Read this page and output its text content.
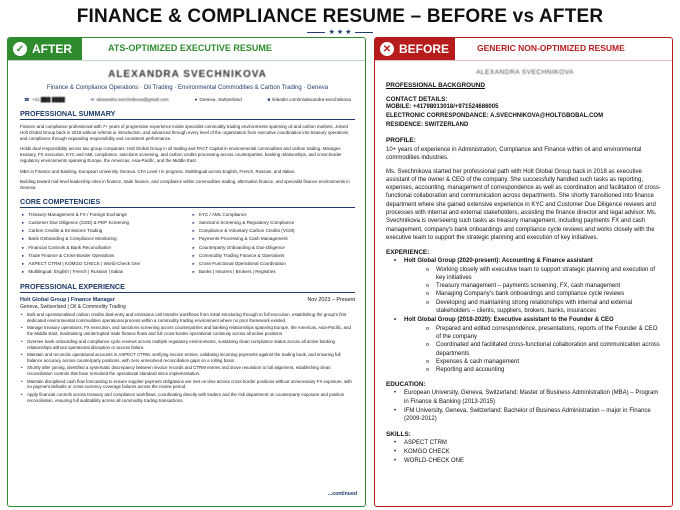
FINANCE & COMPLIANCE RESUME – BEFORE vs AFTER
★ ★ ★
✓ AFTER	ATS-OPTIMIZED EXECUTIVE RESUME
ALEXANDRA SVECHNIKOVA
Finance & Compliance Operations · Oil Trading · Environmental Commodities & Carbon Trading · Geneva
☎ +41 ███ ████	✉ alexandra.svechnikova@gmail.com	● Geneva, Switzerland	■ linkedin.com/in/alexandra-svechnikova
PROFESSIONAL SUMMARY
Finance and compliance professional with 7+ years of progressive experience inside specialist commodity trading environments spanning oil and carbon markets. Joined Holt Global Group back in 2018 without referral or introduction, and advanced through every level of the organisation from executive coordination into treasury operations and compliance through expanding responsibility and consistent performance.
Holds dual responsibility across two group companies: Holt Global Group in oil trading and PACT Capital in environmental commodities and carbon trading. Manages treasury, FX execution, KYC and AML compliance, sanctions screening, and carbon credits processing across counterparties, banking relationships, and cross-border regulatory environments spanning Europe, the Americas, Asia-Pacific, and the Middle East.
MBA in Finance and Banking, European University Geneva. CFA Level I in progress. Multilingual across English, French, Russian, and Italian.
Building toward mid-level leadership roles in finance, trade finance, and compliance within commodities trading, alternative finance, and specialist finance environments in Geneva.
CORE COMPETENCIES
▸ Treasury Management & FX / Foreign Exchange	▸ KYC / AML Compliance
▸ Customer Due Diligence (CDD) & PEP Screening	▸ Sanctions Screening & Regulatory Compliance
▸ Carbon Credits & Emissions Trading	▸ Compliance & Voluntary Carbon Credits (VCM)
▸ Bank Onboarding & Compliance Monitoring	▸ Payments Processing & Cash Management
▸ Financial Controls & Bank Reconciliation	▸ Counterparty Onboarding & Due Diligence
▸ Trade Finance & Cross-Border Operations	▸ Commodity Trading Finance & Operations
▸ ASPECT CTRM | KOMGO CHECK | World-Check One	▸ Cross-Functional Operational Coordination
▸ Multilingual: English | French | Russian | Italian	▸ Banks | Insurers | Brokers | Registries
PROFESSIONAL EXPERIENCE
Holt Global Group | Finance Manager	Nov 2023 – Present
Geneva, Switzerland | Oil & Commodity Trading
• Built and operationalised carbon credits deal-entry and emissions unit transfer workflows from initial structuring through to full execution, establishing the group's first dedicated environmental commodities operational process within a commodity trading environment where no prior framework existed.
• Manage treasury operations, FX execution, and sanctions screening across counterparties and banking relationships spanning Europe, the Americas, Asia-Pacific, and the Middle East, maintaining uninterrupted trade finance flows and full cross-border operational continuity across all active positions.
• Oversee bank onboarding and compliance cycle reviews across multiple regulatory environments, sustaining clean compliance status across all active banking relationships without operational disruption or access failure.
• Maintain and reconcile operational accounts in ASPECT CTRM, verifying invoice entries, validating incoming payments against the trading book, and ensuring full balance accuracy across counterparty positions, with zero unresolved reconciliation gaps on a rolling basis.
• Shortly after joining, identified a systematic discrepancy between invoice records and CTRM entries and drove resolution to full alignment, establishing clean reconciliation controls that have remained the operational standard since implementation.
• Maintain disciplined cash flow forecasting to ensure supplier payment obligations are met on time across cross-border positions without unnecessary FX exposure, with no payment defaults or cross-currency coverage failures across the review period.
• Apply financial controls across treasury and compliance workflows, coordinating directly with traders and the risk department on counterparty exposure and position reconciliation, ensuring full auditability across all commodity trading transactions.
...continued
✕ BEFORE	GENERIC NON-OPTIMIZED RESUME
ALEXANDRA SVECHNIKOVA
PROFESSIONAL BACKGROUND
CONTACT DETAILS:
MOBILE: +41798013018/+971524686005
ELECTRONIC CORRESPONDANCE: A.SVECHNIKOVA@HOLTGBOBAL.COM
RESIDENCE: SWITZERLAND
PROFILE:
10+ years of experience in Administration, Compliance and Finance within oil and environmental commodities industries.
Ms. Svechnikova started her professional path with Holt Global Group back in 2018 as executive assistant of the owner & CEO of the company. She successfully handled such tasks as reporting, expenses, accounting, management of correspondence as well as coordination and facilitation of cross-functional collaboration and communication across departments. She shortly transitioned into finance department where she gained extensive experience in KYC and Customer Due Diligence reviews and processes with internal and external stakeholders, assisting the finance director and legal advisor. Ms. Svechnikova is overseeing such tasks as treasury management, including payments FX and cash management, company's bank onboardings and compliance cycle reviews and works closely with the executive team to support the strategic planning and execution of key initiatives.
EXPERIENCE:
• Holt Global Group (2020-present): Accounting & Finance assistant
o Working closely with executive team to support strategic planning and execution of key initiatives
o Treasury management – payments screening, FX, cash management
o Managing Company's bank onboardings and compliance cycle reviews
o Developing and maintaining strong relationships with internal and external stakeholders – clients, suppliers, brokers, banks, insurances
• Holt Global Group (2018-2020): Executive assistant to the Founder & CEO
o Prepared and edited correspondence, presentations, reports of the Founder & CEO of the company
o Coordinated and facilitated cross-functional collaboration and communication across departments
o Expenses & cash management
o Reporting and accounting
EDUCATION:
• European University, Geneva, Switzerland: Master of Business Administration (MBA) – Program in Finance & Banking (2013-2015)
• IFM University, Geneva, Switzerland: Bachelor of Business Administration – major in Finance (2009-2012)
SKILLS:
• ASPECT CTRM
• KOMGO CHECK
• WORLD-CHECK ONE
